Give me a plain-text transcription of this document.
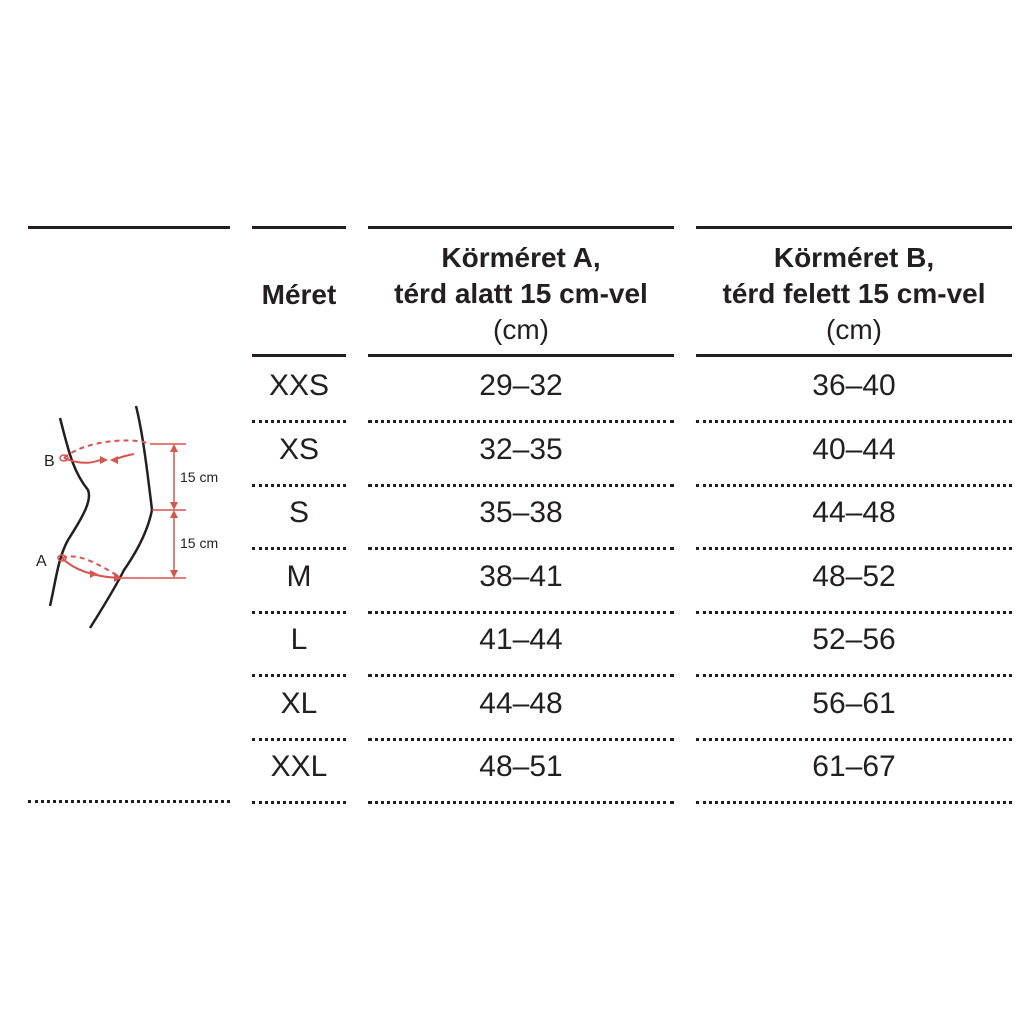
Méret
Körméret A,
térd alatt 15 cm-vel
(cm)
Körméret B,
térd felett 15 cm-vel
(cm)
XXS	29–32	36–40
XS	32–35	40–44
S	35–38	44–48
M	38–41	48–52
L	41–44	52–56
XL	44–48	56–61
XXL	48–51	61–67
B
A
15 cm
15 cm
